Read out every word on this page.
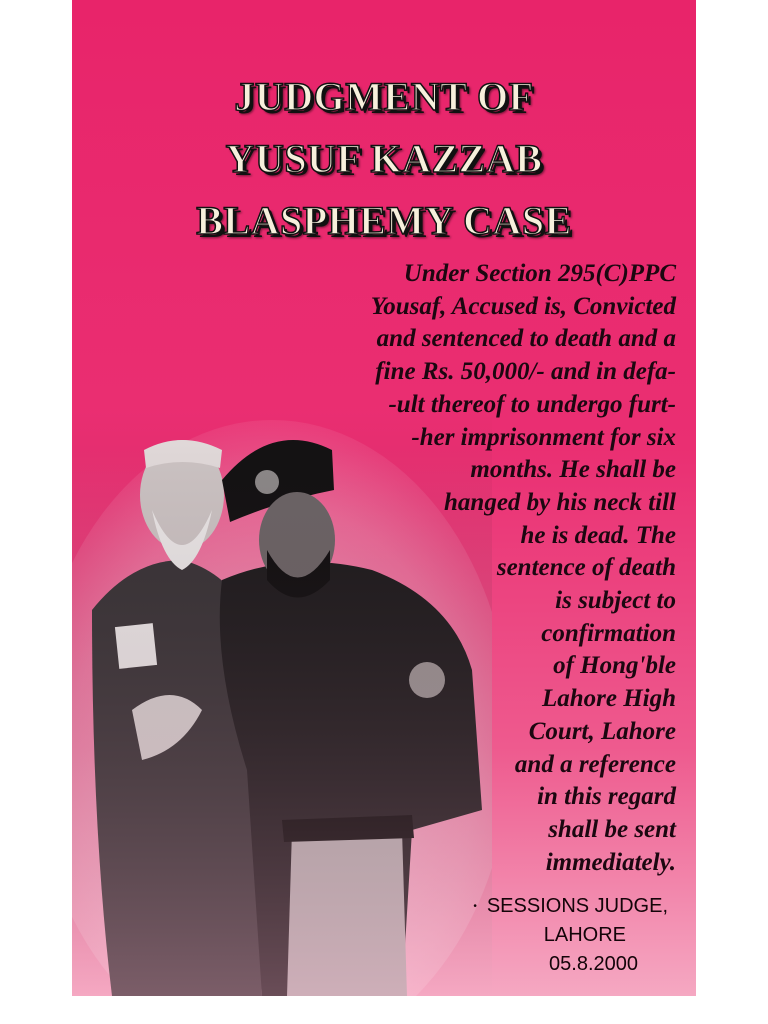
JUDGMENT OF
YUSUF KAZZAB
BLASPHEMY CASE
Under Section 295(C)PPC
Yousaf, Accused is, Convicted
and sentenced to death and a
fine Rs. 50,000/- and in defa-
-ult thereof to undergo furt-
-her imprisonment for six
months. He shall be
hanged by his neck till
he is dead. The
sentence of death
is subject to
confirmation
of Hong'ble
Lahore High
Court, Lahore
and a reference
in this regard
shall be sent
immediately.
• SESSIONS JUDGE,
LAHORE
05.8.2000
